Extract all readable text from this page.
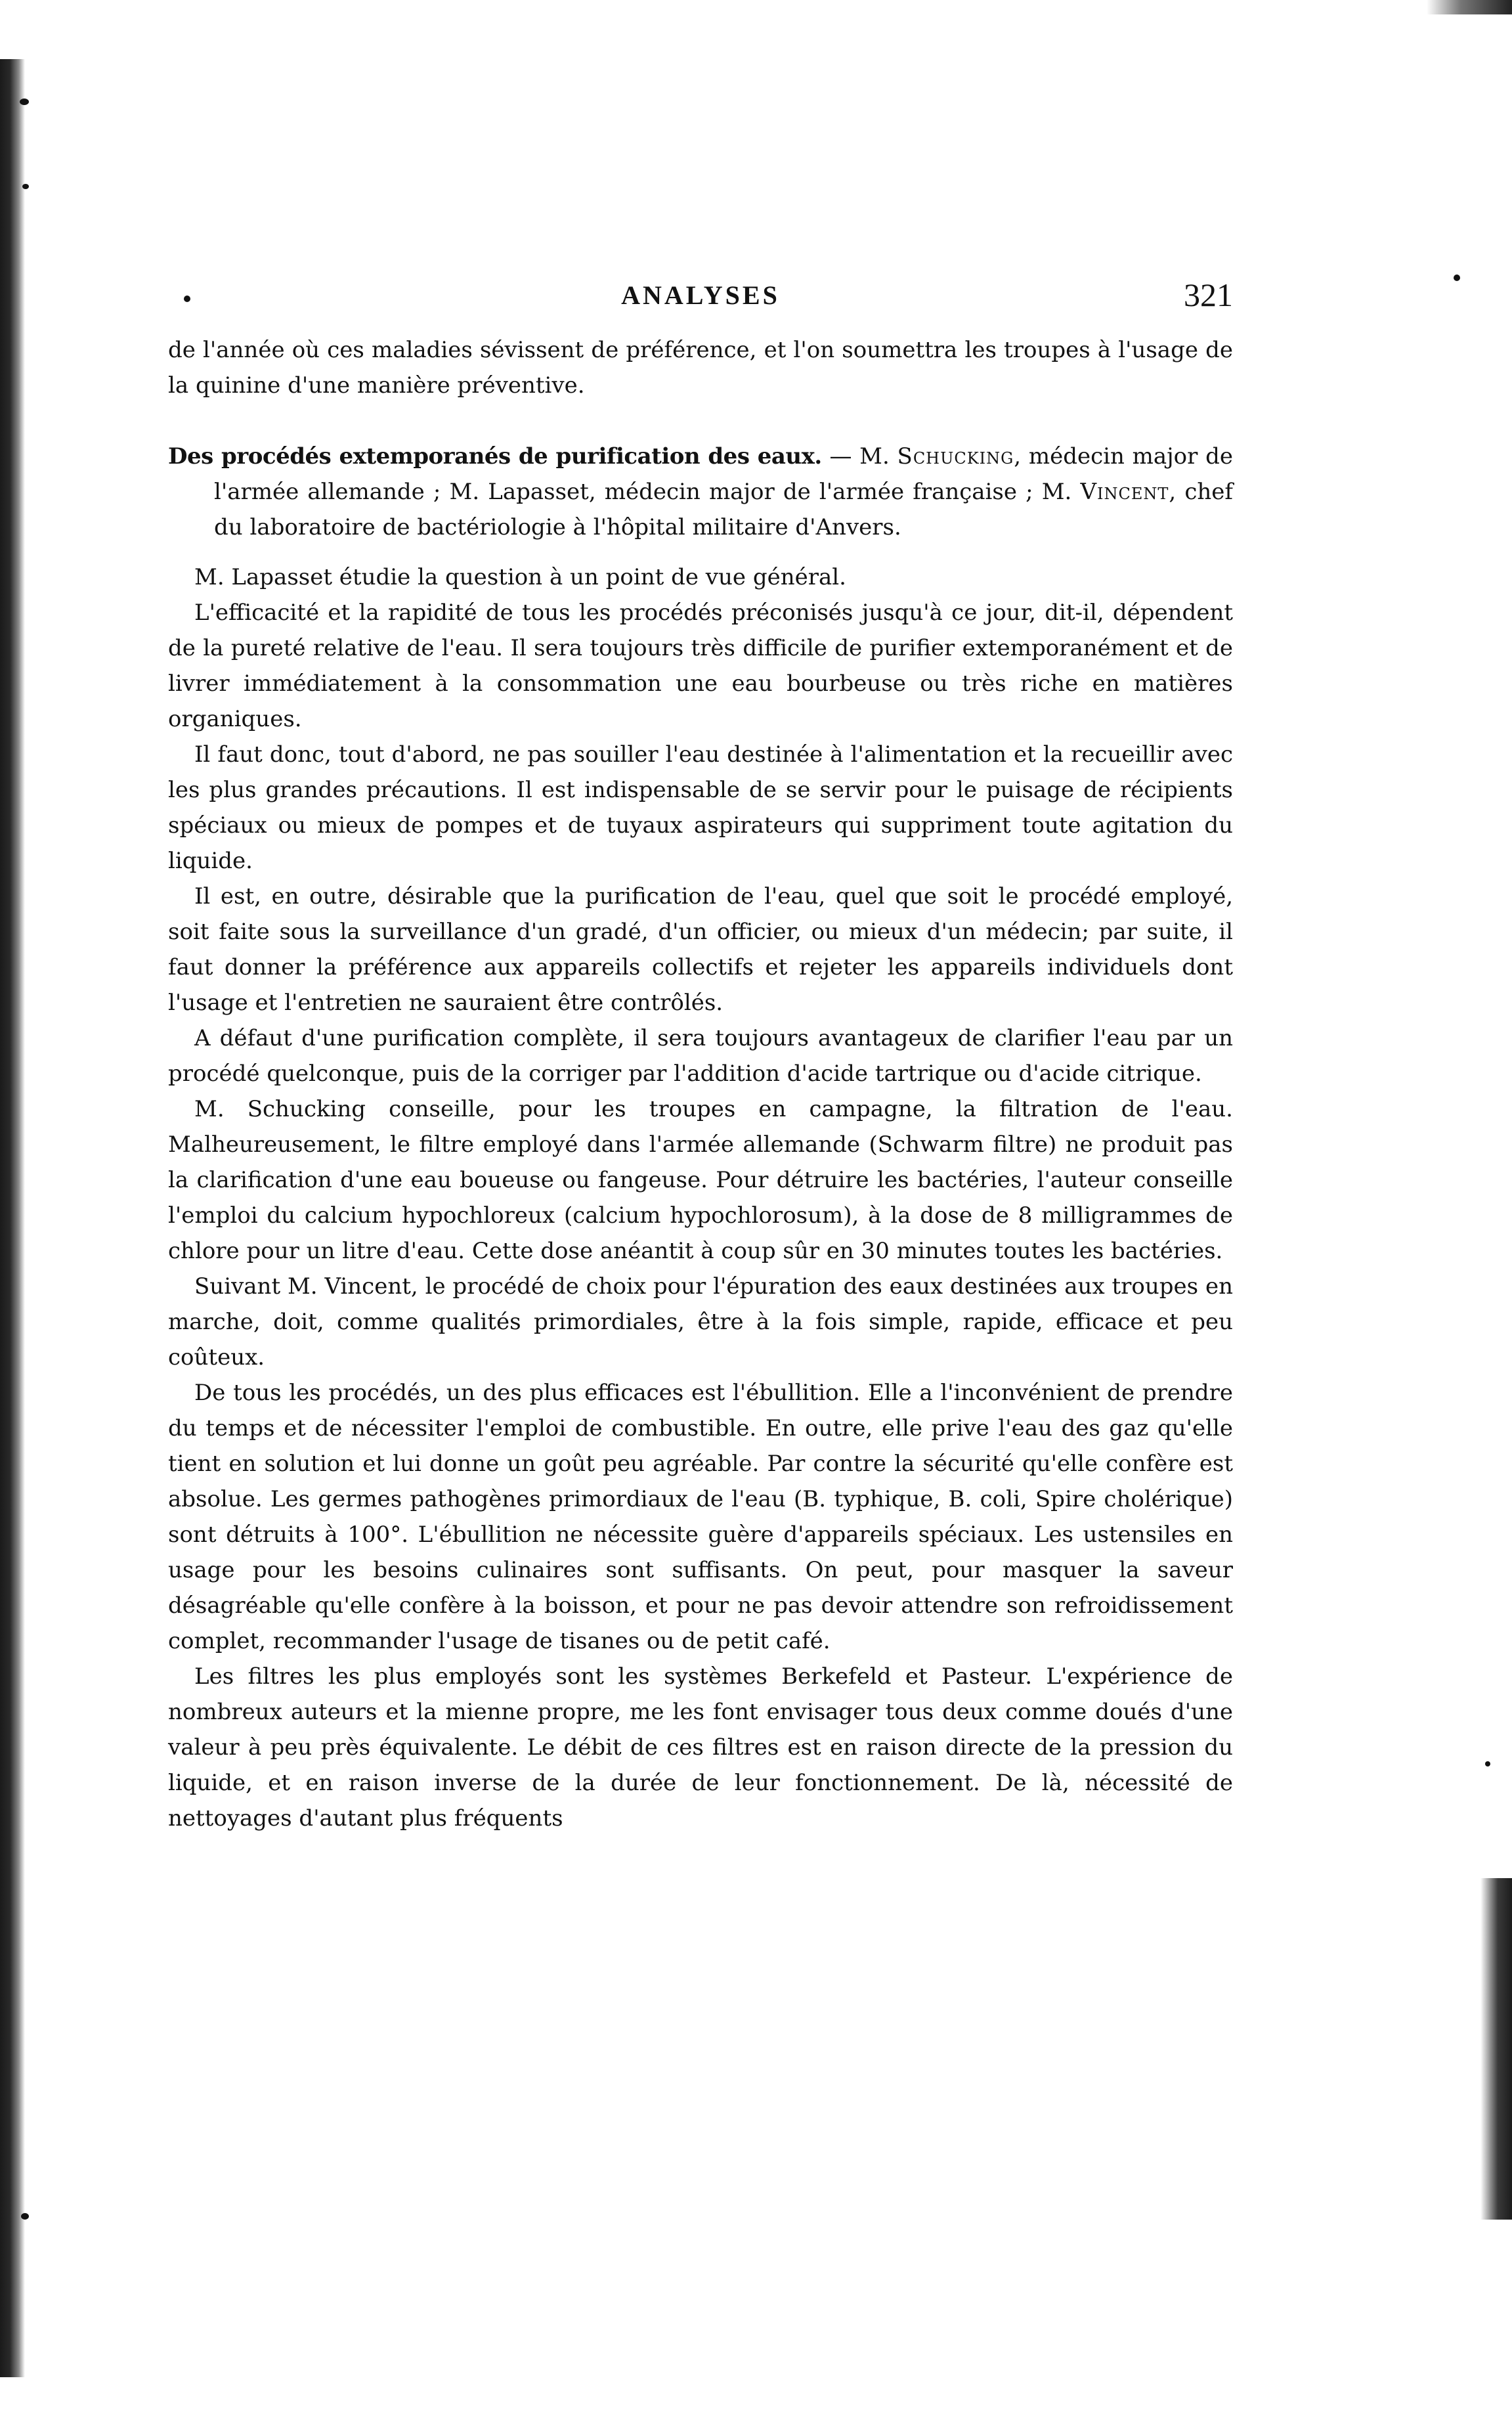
ANALYSES	321

de l'année où ces maladies sévissent de préférence, et l'on soumettra les troupes à l'usage de la quinine d'une manière préventive.

Des procédés extemporanés de purification des eaux. — M. Schucking, médecin major de l'armée allemande ; M. Lapasset, médecin major de l'armée française ; M. Vincent, chef du laboratoire de bactériologie à l'hôpital militaire d'Anvers.

M. Lapasset étudie la question à un point de vue général.

L'efficacité et la rapidité de tous les procédés préconisés jusqu'à ce jour, dit-il, dépendent de la pureté relative de l'eau. Il sera toujours très difficile de purifier extemporanément et de livrer immédiatement à la consommation une eau bourbeuse ou très riche en matières organiques.

Il faut donc, tout d'abord, ne pas souiller l'eau destinée à l'alimentation et la recueillir avec les plus grandes précautions. Il est indispensable de se servir pour le puisage de récipients spéciaux ou mieux de pompes et de tuyaux aspirateurs qui suppriment toute agitation du liquide.

Il est, en outre, désirable que la purification de l'eau, quel que soit le procédé employé, soit faite sous la surveillance d'un gradé, d'un officier, ou mieux d'un médecin; par suite, il faut donner la préférence aux appareils collectifs et rejeter les appareils individuels dont l'usage et l'entretien ne sauraient être contrôlés.

A défaut d'une purification complète, il sera toujours avantageux de clarifier l'eau par un procédé quelconque, puis de la corriger par l'addition d'acide tartrique ou d'acide citrique.

M. Schucking conseille, pour les troupes en campagne, la filtration de l'eau. Malheureusement, le filtre employé dans l'armée allemande (Schwarm filtre) ne produit pas la clarification d'une eau boueuse ou fangeuse. Pour détruire les bactéries, l'auteur conseille l'emploi du calcium hypochloreux (calcium hypochlorosum), à la dose de 8 milligrammes de chlore pour un litre d'eau. Cette dose anéantit à coup sûr en 30 minutes toutes les bactéries.

Suivant M. Vincent, le procédé de choix pour l'épuration des eaux destinées aux troupes en marche, doit, comme qualités primordiales, être à la fois simple, rapide, efficace et peu coûteux.

De tous les procédés, un des plus efficaces est l'ébullition. Elle a l'inconvénient de prendre du temps et de nécessiter l'emploi de combustible. En outre, elle prive l'eau des gaz qu'elle tient en solution et lui donne un goût peu agréable. Par contre la sécurité qu'elle confère est absolue. Les germes pathogènes primordiaux de l'eau (B. typhique, B. coli, Spire cholérique) sont détruits à 100°. L'ébullition ne nécessite guère d'appareils spéciaux. Les ustensiles en usage pour les besoins culinaires sont suffisants. On peut, pour masquer la saveur désagréable qu'elle confère à la boisson, et pour ne pas devoir attendre son refroidissement complet, recommander l'usage de tisanes ou de petit café.

Les filtres les plus employés sont les systèmes Berkefeld et Pasteur. L'expérience de nombreux auteurs et la mienne propre, me les font envisager tous deux comme doués d'une valeur à peu près équivalente. Le débit de ces filtres est en raison directe de la pression du liquide, et en raison inverse de la durée de leur fonctionnement. De là, nécessité de nettoyages d'autant plus fréquents
